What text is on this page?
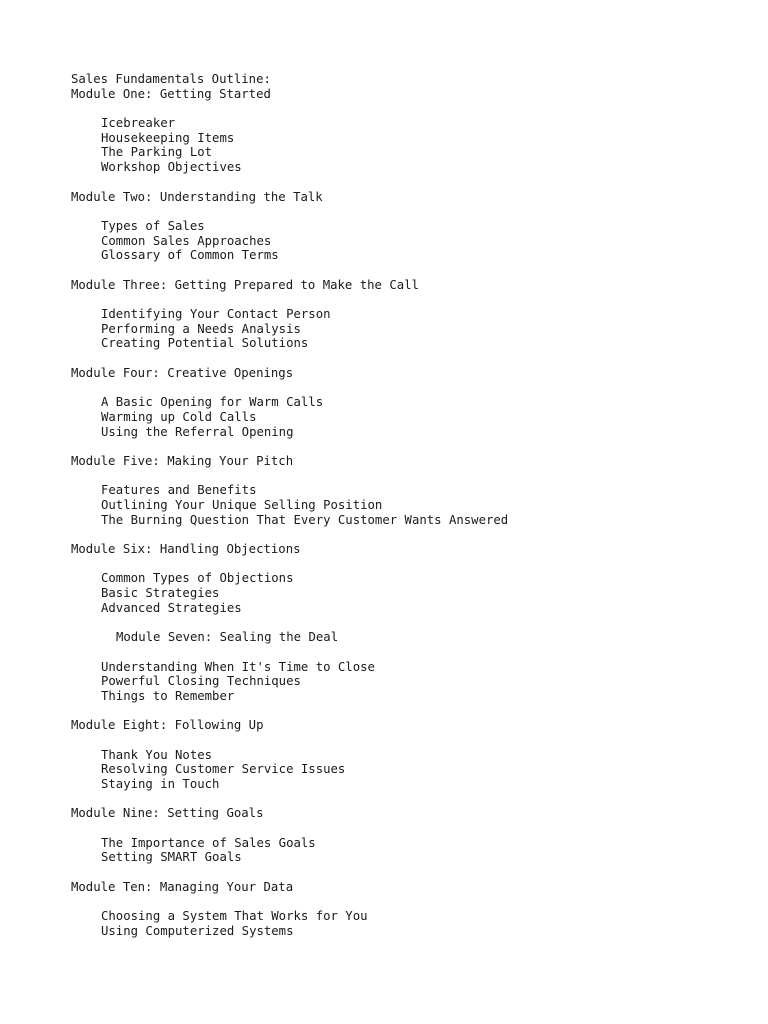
Sales Fundamentals Outline:
Module One: Getting Started
Icebreaker
Housekeeping Items
The Parking Lot
Workshop Objectives
Module Two: Understanding the Talk
Types of Sales
Common Sales Approaches
Glossary of Common Terms
Module Three: Getting Prepared to Make the Call
Identifying Your Contact Person
Performing a Needs Analysis
Creating Potential Solutions
Module Four: Creative Openings
A Basic Opening for Warm Calls
Warming up Cold Calls
Using the Referral Opening
Module Five: Making Your Pitch
Features and Benefits
Outlining Your Unique Selling Position
The Burning Question That Every Customer Wants Answered
Module Six: Handling Objections
Common Types of Objections
Basic Strategies
Advanced Strategies
Module Seven: Sealing the Deal
Understanding When It's Time to Close
Powerful Closing Techniques
Things to Remember
Module Eight: Following Up
Thank You Notes
Resolving Customer Service Issues
Staying in Touch
Module Nine: Setting Goals
The Importance of Sales Goals
Setting SMART Goals
Module Ten: Managing Your Data
Choosing a System That Works for You
Using Computerized Systems
